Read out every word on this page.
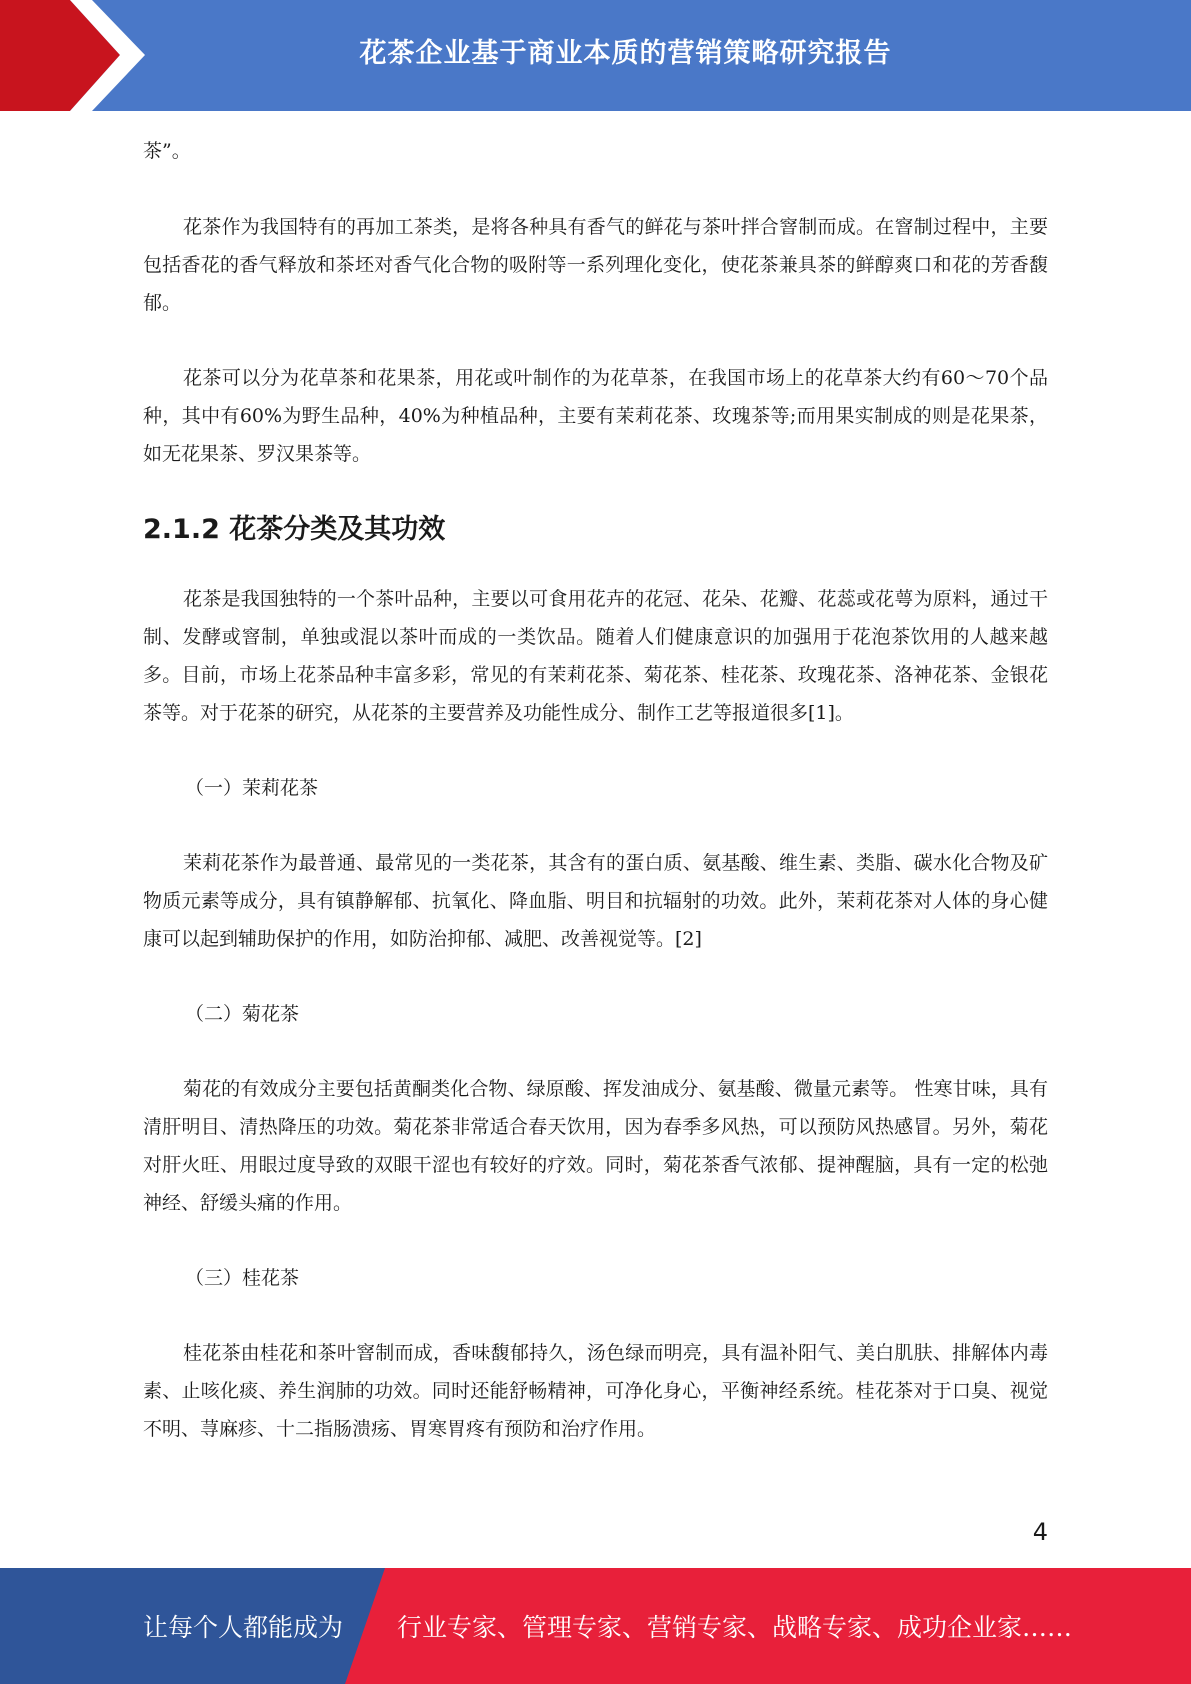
花茶企业基于商业本质的营销策略研究报告

茶”。

花茶作为我国特有的再加工茶类，是将各种具有香气的鲜花与茶叶拌合窨制而成。在窨制过程中，主要包括香花的香气释放和茶坯对香气化合物的吸附等一系列理化变化，使花茶兼具茶的鲜醇爽口和花的芳香馥郁。

花茶可以分为花草茶和花果茶，用花或叶制作的为花草茶，在我国市场上的花草茶大约有60～70个品种，其中有60%为野生品种，40%为种植品种，主要有茉莉花茶、玫瑰茶等;而用果实制成的则是花果茶，如无花果茶、罗汉果茶等。

2.1.2 花茶分类及其功效

花茶是我国独特的一个茶叶品种，主要以可食用花卉的花冠、花朵、花瓣、花蕊或花萼为原料，通过干制、发酵或窨制，单独或混以茶叶而成的一类饮品。随着人们健康意识的加强用于花泡茶饮用的人越来越多。目前，市场上花茶品种丰富多彩，常见的有茉莉花茶、菊花茶、桂花茶、玫瑰花茶、洛神花茶、金银花茶等。对于花茶的研究，从花茶的主要营养及功能性成分、制作工艺等报道很多[1]。

（一）茉莉花茶

茉莉花茶作为最普通、最常见的一类花茶，其含有的蛋白质、氨基酸、维生素、类脂、碳水化合物及矿物质元素等成分，具有镇静解郁、抗氧化、降血脂、明目和抗辐射的功效。此外，茉莉花茶对人体的身心健康可以起到辅助保护的作用，如防治抑郁、减肥、改善视觉等。[2]

（二）菊花茶

菊花的有效成分主要包括黄酮类化合物、绿原酸、挥发油成分、氨基酸、微量元素等。 性寒甘味，具有清肝明目、清热降压的功效。菊花茶非常适合春天饮用，因为春季多风热，可以预防风热感冒。另外，菊花对肝火旺、用眼过度导致的双眼干涩也有较好的疗效。同时，菊花茶香气浓郁、提神醒脑，具有一定的松弛神经、舒缓头痛的作用。

（三）桂花茶

桂花茶由桂花和茶叶窨制而成，香味馥郁持久，汤色绿而明亮，具有温补阳气、美白肌肤、排解体内毒素、止咳化痰、养生润肺的功效。同时还能舒畅精神，可净化身心，平衡神经系统。桂花茶对于口臭、视觉不明、荨麻疹、十二指肠溃疡、胃寒胃疼有预防和治疗作用。

4
让每个人都能成为 行业专家、管理专家、营销专家、战略专家、成功企业家……
